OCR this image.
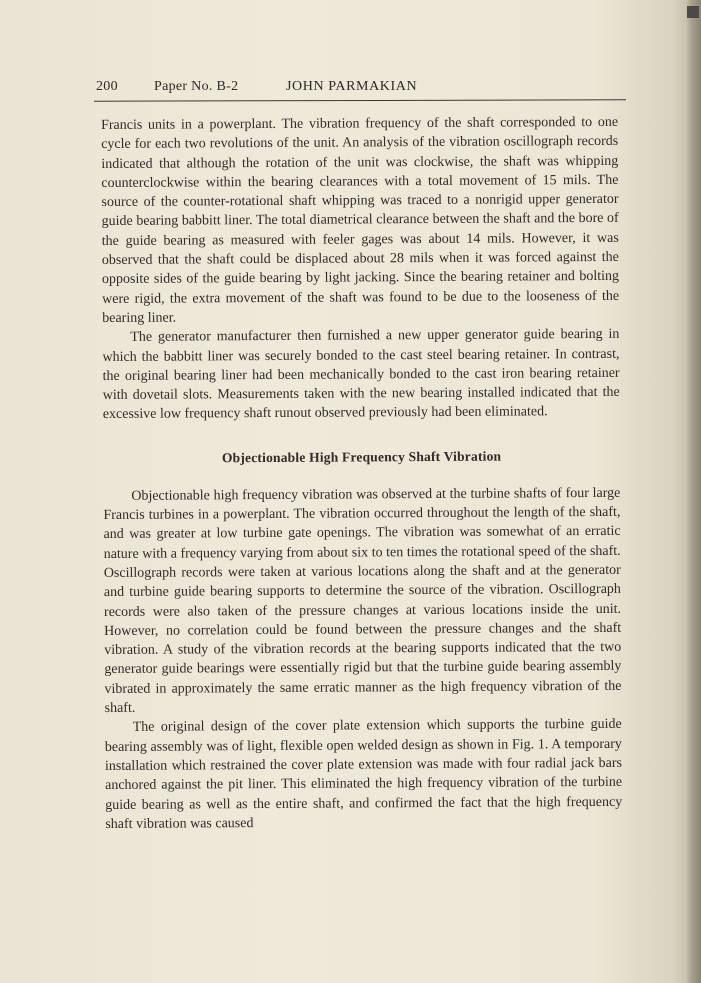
200	Paper No. B-2	JOHN PARMAKIAN

Francis units in a powerplant. The vibration frequency of the shaft corresponded to one cycle for each two revolutions of the unit. An analysis of the vibration oscillograph records indicated that although the rotation of the unit was clockwise, the shaft was whipping counterclockwise within the bearing clearances with a total movement of 15 mils. The source of the counter-rotational shaft whipping was traced to a nonrigid upper generator guide bearing babbitt liner. The total diametrical clearance between the shaft and the bore of the guide bearing as measured with feeler gages was about 14 mils. However, it was observed that the shaft could be displaced about 28 mils when it was forced against the opposite sides of the guide bearing by light jacking. Since the bearing retainer and bolting were rigid, the extra movement of the shaft was found to be due to the looseness of the bearing liner.

The generator manufacturer then furnished a new upper generator guide bearing in which the babbitt liner was securely bonded to the cast steel bearing retainer. In contrast, the original bearing liner had been mechanically bonded to the cast iron bearing retainer with dovetail slots. Measurements taken with the new bearing installed indicated that the excessive low frequency shaft runout observed previously had been eliminated.

Objectionable High Frequency Shaft Vibration

Objectionable high frequency vibration was observed at the turbine shafts of four large Francis turbines in a powerplant. The vibration occurred throughout the length of the shaft, and was greater at low turbine gate openings. The vibration was somewhat of an erratic nature with a frequency varying from about six to ten times the rotational speed of the shaft. Oscillograph records were taken at various locations along the shaft and at the generator and turbine guide bearing supports to determine the source of the vibration. Oscillograph records were also taken of the pressure changes at various locations inside the unit. However, no correlation could be found between the pressure changes and the shaft vibration. A study of the vibration records at the bearing supports indicated that the two generator guide bearings were essentially rigid but that the turbine guide bearing assembly vibrated in approximately the same erratic manner as the high frequency vibration of the shaft.

The original design of the cover plate extension which supports the turbine guide bearing assembly was of light, flexible open welded design as shown in Fig. 1. A temporary installation which restrained the cover plate extension was made with four radial jack bars anchored against the pit liner. This eliminated the high frequency vibration of the turbine guide bearing as well as the entire shaft, and confirmed the fact that the high frequency shaft vibration was caused
